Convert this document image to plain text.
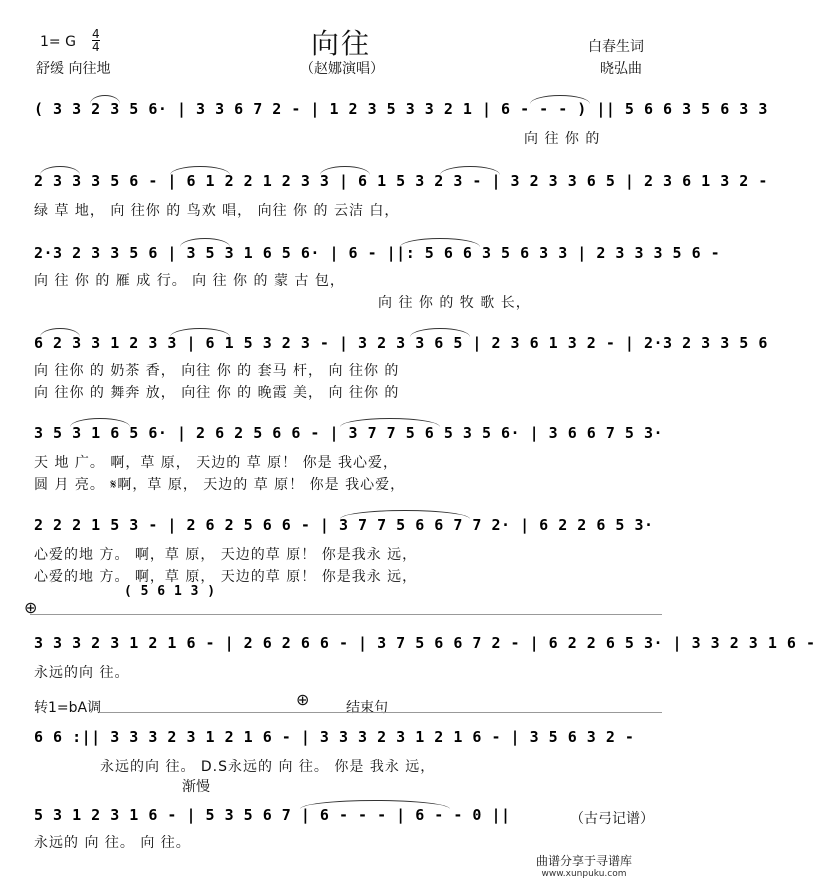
1= G 4
4	向往
舒缓 向往地	（赵娜演唱）
白春生词
晓弘曲
( 3 3 2 3 5 6· | 3 3 6 7 2 - | 1 2 3 5 3 3 2 1 | 6 - - - ) || 5 6 6 3 5 6 3 3
向 往 你 的
2 3 3 3 5 6 - | 6 1 2 2 1 2 3 3 | 6 1 5 3 2 3 - | 3 2 3 3 6 5 | 2 3 6 1 3 2 -
绿 草 地， 向 往你 的 鸟欢 唱， 向往 你 的 云洁 白，
2·3 2 3 3 5 6 | 3 5 3 1 6 5 6· | 6 - ||: 5 6 6 3 5 6 3 3 | 2 3 3 3 5 6 -
向 往 你 的 雁 成 行。 向 往 你 的 蒙 古 包，
向 往 你 的 牧 歌 长，
6 2 3 3 1 2 3 3 | 6 1 5 3 2 3 - | 3 2 3 3 6 5 | 2 3 6 1 3 2 - | 2·3 2 3 3 5 6
向 往你 的 奶茶 香， 向往 你 的 套马 杆， 向 往你 的
向 往你 的 舞奔 放， 向往 你 的 晚霞 美， 向 往你 的
3 5 3 1 6 5 6· | 2 6 2 5 6 6 - | 3 7 7 5 6 5 3 5 6· | 3 6 6 7 5 3·
天 地 广。 啊，草 原， 天边的 草 原！ 你是 我心爱，
圆 月 亮。 𝄋啊，草 原， 天边的 草 原！ 你是 我心爱，
2 2 2 1 5 3 - | 2 6 2 5 6 6 - | 3 7 7 5 6 6 7 7 2· | 6 2 2 6 5 3·
心爱的地 方。 啊，草 原， 天边的草 原！ 你是我永 远，
心爱的地 方。 啊，草 原， 天边的草 原！ 你是我永 远，
( 5 6 1 3 )
⊕
3 3 3 2 3 1 2 1 6 - | 2 6 2 6 6 - | 3 7 5 6 6 7 2 - | 6 2 2 6 5 3· | 3 3 2 3 1 6 -
永远的向 往。
转1=bA调	⊕	结束句
6 6 :|| 3 3 3 2 3 1 2 1 6 - | 3 3 3 2 3 1 2 1 6 - | 3 5 6 3 2 -
永远的向 往。 D.S永远的 向 往。 你是 我永 远，
渐慢
5 3 1 2 3 1 6 - | 5 3 5 6 7 | 6 - - - | 6 - - 0 ||
永远的 向 往。 向 往。
（古弓记谱）
曲谱分享于寻谱库
www.xunpuku.com
